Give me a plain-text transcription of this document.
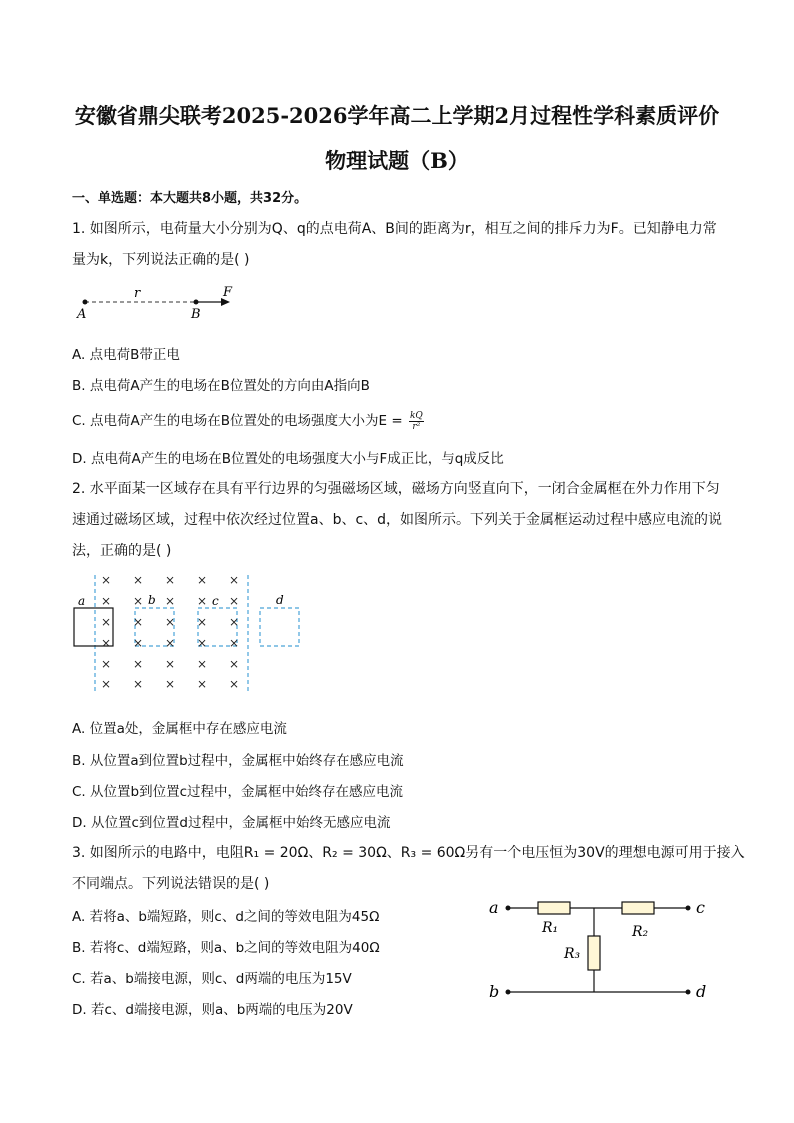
安徽省鼎尖联考2025-2026学年高二上学期2月过程性学科素质评价
物理试题（B）
一、单选题：本大题共8小题，共32分。
1. 如图所示，电荷量大小分别为Q、q的点电荷A、B间的距离为r，相互之间的排斥力为F。已知静电力常
量为k，下列说法正确的是( )
r	F
A	B
A. 点电荷B带正电
B. 点电荷A产生的电场在B位置处的方向由A指向B
C. 点电荷A产生的电场在B位置处的电场强度大小为$E = \frac{kQ}{\text{r²}}$
D. 点电荷A产生的电场在B位置处的电场强度大小与F成正比，与q成反比
2. 水平面某一区域存在具有平行边界的匀强磁场区域，磁场方向竖直向下，一闭合金属框在外力作用下匀
速通过磁场区域，过程中依次经过位置a、b、c、d，如图所示。下列关于金属框运动过程中感应电流的说
法，正确的是( )
a	b	c	d
× × × × ×
× × × × ×
× × × × ×
× × × × ×
× × × × ×
× × × × ×
A. 位置a处，金属框中存在感应电流
B. 从位置a到位置b过程中，金属框中始终存在感应电流
C. 从位置b到位置c过程中，金属框中始终存在感应电流
D. 从位置c到位置d过程中，金属框中始终无感应电流
3. 如图所示的电路中，电阻R₁ = 20Ω、R₂ = 30Ω、R₃ = 60Ω另有一个电压恒为30V的理想电源可用于接入
不同端点。下列说法错误的是( )
A. 若将a、b端短路，则c、d之间的等效电阻为45Ω
B. 若将c、d端短路，则a、b之间的等效电阻为40Ω
C. 若a、b端接电源，则c、d两端的电压为15V
D. 若c、d端接电源，则a、b两端的电压为20V
a	c
b	d
R₁	R₂
R₃
